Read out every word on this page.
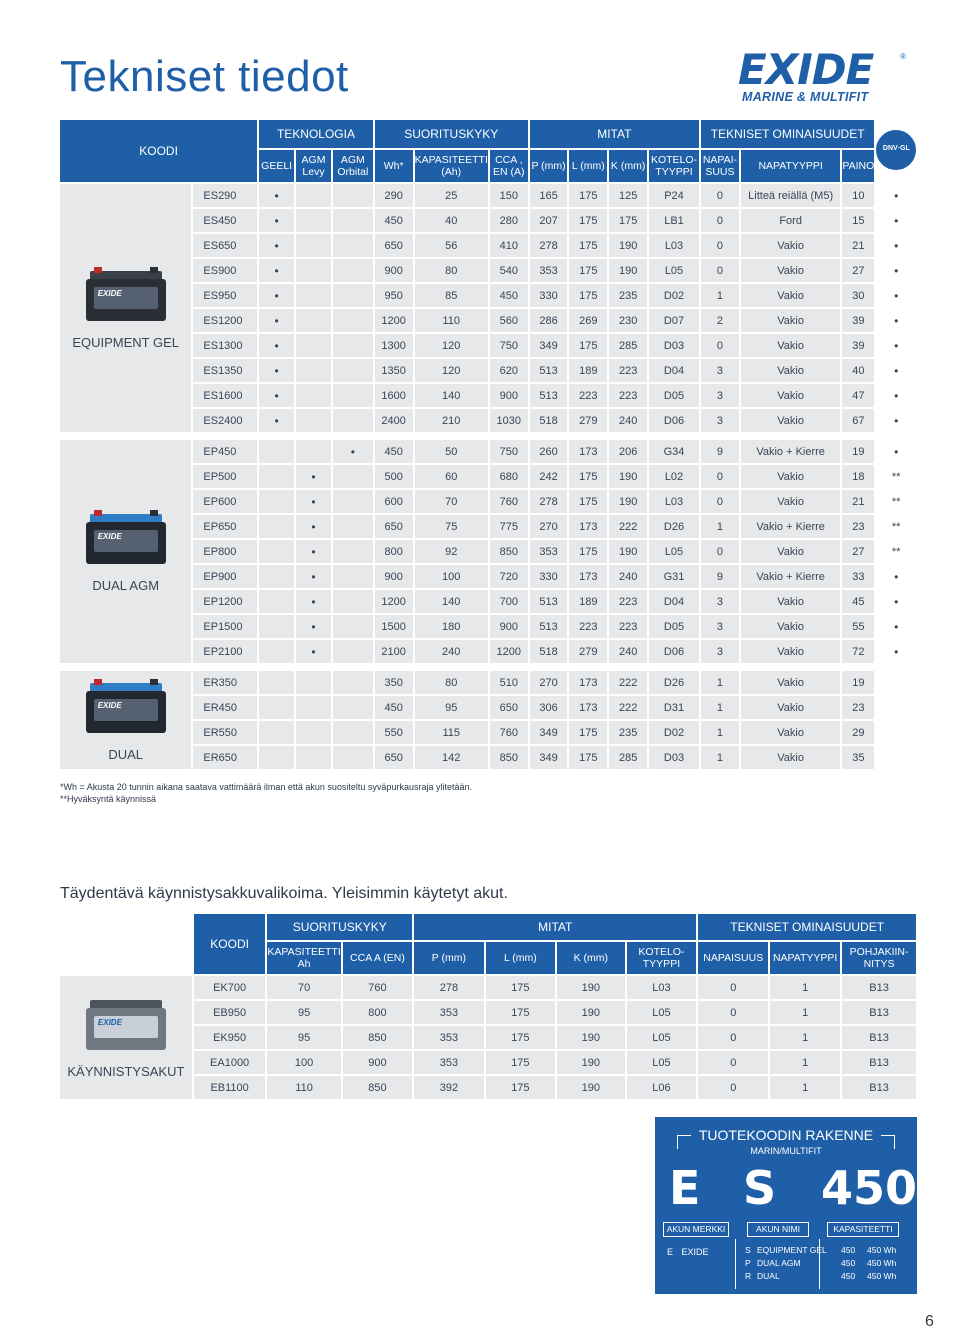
Tekniset tiedot	EXIDE
MARINE & MULTIFIT
®
KOODI		TEKNOLOGIA			SUORITUSKYKY			MITAT				TEKNISET OMINAISUUDET			DNV·GL

		GEELI	AGM Levy	AGM Orbital	Wh*	KAPASITEETTI (Ah)	CCA , EN (A)	P (mm)	L (mm)	K (mm)	KOTELO-TYYPPI	NAPAI-SUUS	NAPATYYPPI	PAINO	

EXIDE
EQUIPMENT GEL	ES290	•			290	25	150	165	175	125	P24	0	Litteä reiällä (M5)	10	•
	ES450	•			450	40	280	207	175	175	LB1	0	Ford	15	•
	ES650	•			650	56	410	278	175	190	L03	0	Vakio	21	•
	ES900	•			900	80	540	353	175	190	L05	0	Vakio	27	•
	ES950	•			950	85	450	330	175	235	D02	1	Vakio	30	•
	ES1200	•			1200	110	560	286	269	230	D07	2	Vakio	39	•
	ES1300	•			1300	120	750	349	175	285	D03	0	Vakio	39	•
	ES1350	•			1350	120	620	513	189	223	D04	3	Vakio	40	•
	ES1600	•			1600	140	900	513	223	223	D05	3	Vakio	47	•
	ES2400	•			2400	210	1030	518	279	240	D06	3	Vakio	67	•

EXIDE
DUAL AGM	EP450			•	450	50	750	260	173	206	G34	9	Vakio + Kierre	19	•
	EP500		•		500	60	680	242	175	190	L02	0	Vakio	18	**
	EP600		•		600	70	760	278	175	190	L03	0	Vakio	21	**
	EP650		•		650	75	775	270	173	222	D26	1	Vakio + Kierre	23	**
	EP800		•		800	92	850	353	175	190	L05	0	Vakio	27	**
	EP900		•		900	100	720	330	173	240	G31	9	Vakio + Kierre	33	•
	EP1200		•		1200	140	700	513	189	223	D04	3	Vakio	45	•
	EP1500		•		1500	180	900	513	223	223	D05	3	Vakio	55	•
	EP2100		•		2100	240	1200	518	279	240	D06	3	Vakio	72	•

EXIDE
DUAL	ER350				350	80	510	270	173	222	D26	1	Vakio	19	
	ER450				450	95	650	306	173	222	D31	1	Vakio	23	
	ER550				550	115	760	349	175	235	D02	1	Vakio	29	
	ER650				650	142	850	349	175	285	D03	1	Vakio	35	
*Wh = Akusta 20 tunnin aikana saatava vattimäärä ilman että akun suositeltu syväpurkausraja ylitetään.
**Hyväksyntä käynnissä
Täydentävä käynnistysakkuvalikoima. Yleisimmin käytetyt akut.
	KOODI	SUORITUSKYKY		MITAT				TEKNISET OMINAISUUDET		
		KAPASITEETTI Ah	CCA A (EN)	P (mm)	L (mm)	K (mm)	KOTELO-TYYPPI	NAPAISUUS	NAPATYYPPI	POHJAKIIN-NITYS

EXIDE
KÄYNNISTYSAKUT	EK700	70	760	278	175	190	L03	0	1	B13
	EB950	95	800	353	175	190	L05	0	1	B13
	EK950	95	850	353	175	190	L05	0	1	B13
	EA1000	100	900	353	175	190	L05	0	1	B13
	EB1100	110	850	392	175	190	L06	0	1	B13
TUOTEKOODIN RAKENNE
MARIN/MULTIFIT
E S 450
AKUN MERKKI	AKUN NIMI	KAPASITEETTI
E EXIDE	S EQUIPMENT GEL
P DUAL AGM
R DUAL
450 450 Wh
450 450 Wh
450 450 Wh
6
